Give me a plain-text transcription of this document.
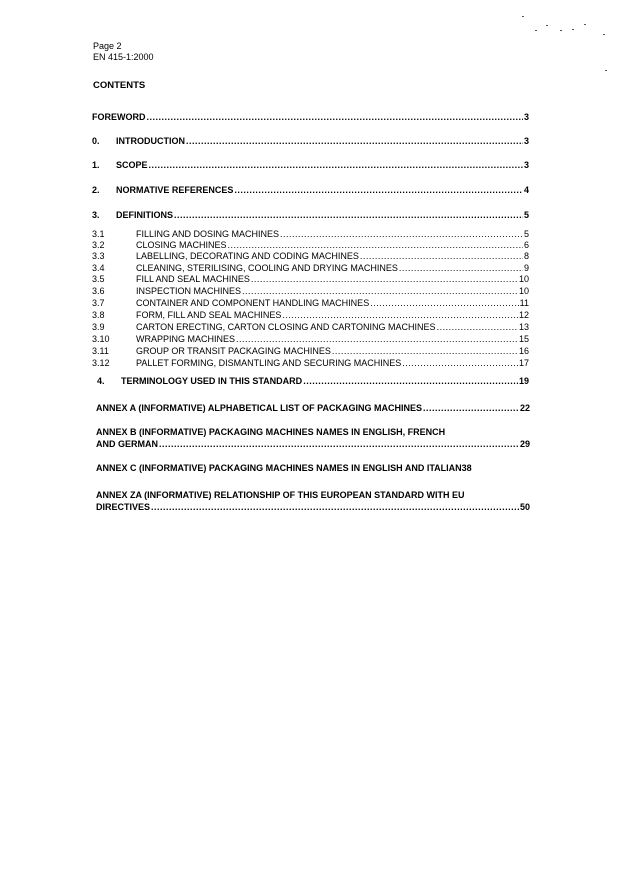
Page 2
EN 415-1:2000
CONTENTS
FOREWORD .....	3
0.	INTRODUCTION .....	3
1.	SCOPE .....	3
2.	NORMATIVE REFERENCES .....	4
3.	DEFINITIONS .....	5
3.1	FILLING AND DOSING MACHINES .....	5
3.2	CLOSING MACHINES .....	6
3.3	LABELLING, DECORATING AND CODING MACHINES .....	8
3.4	CLEANING, STERILISING, COOLING AND DRYING MACHINES .....	9
3.5	FILL AND SEAL MACHINES .....	10
3.6	INSPECTION MACHINES .....	10
3.7	CONTAINER AND COMPONENT HANDLING MACHINES .....	11
3.8	FORM, FILL AND SEAL MACHINES .....	12
3.9	CARTON ERECTING, CARTON CLOSING AND CARTONING MACHINES .....	13
3.10	WRAPPING MACHINES .....	15
3.11	GROUP OR TRANSIT PACKAGING MACHINES .....	16
3.12	PALLET FORMING, DISMANTLING AND SECURING MACHINES .....	17
4.	TERMINOLOGY USED IN THIS STANDARD .....	19
ANNEX A (INFORMATIVE) ALPHABETICAL LIST OF PACKAGING MACHINES .....	22
ANNEX B (INFORMATIVE) PACKAGING MACHINES NAMES IN ENGLISH, FRENCH
AND GERMAN .....	29
ANNEX C (INFORMATIVE) PACKAGING MACHINES NAMES IN ENGLISH AND ITALIAN 38
ANNEX ZA (INFORMATIVE) RELATIONSHIP OF THIS EUROPEAN STANDARD WITH EU
DIRECTIVES .....	50
